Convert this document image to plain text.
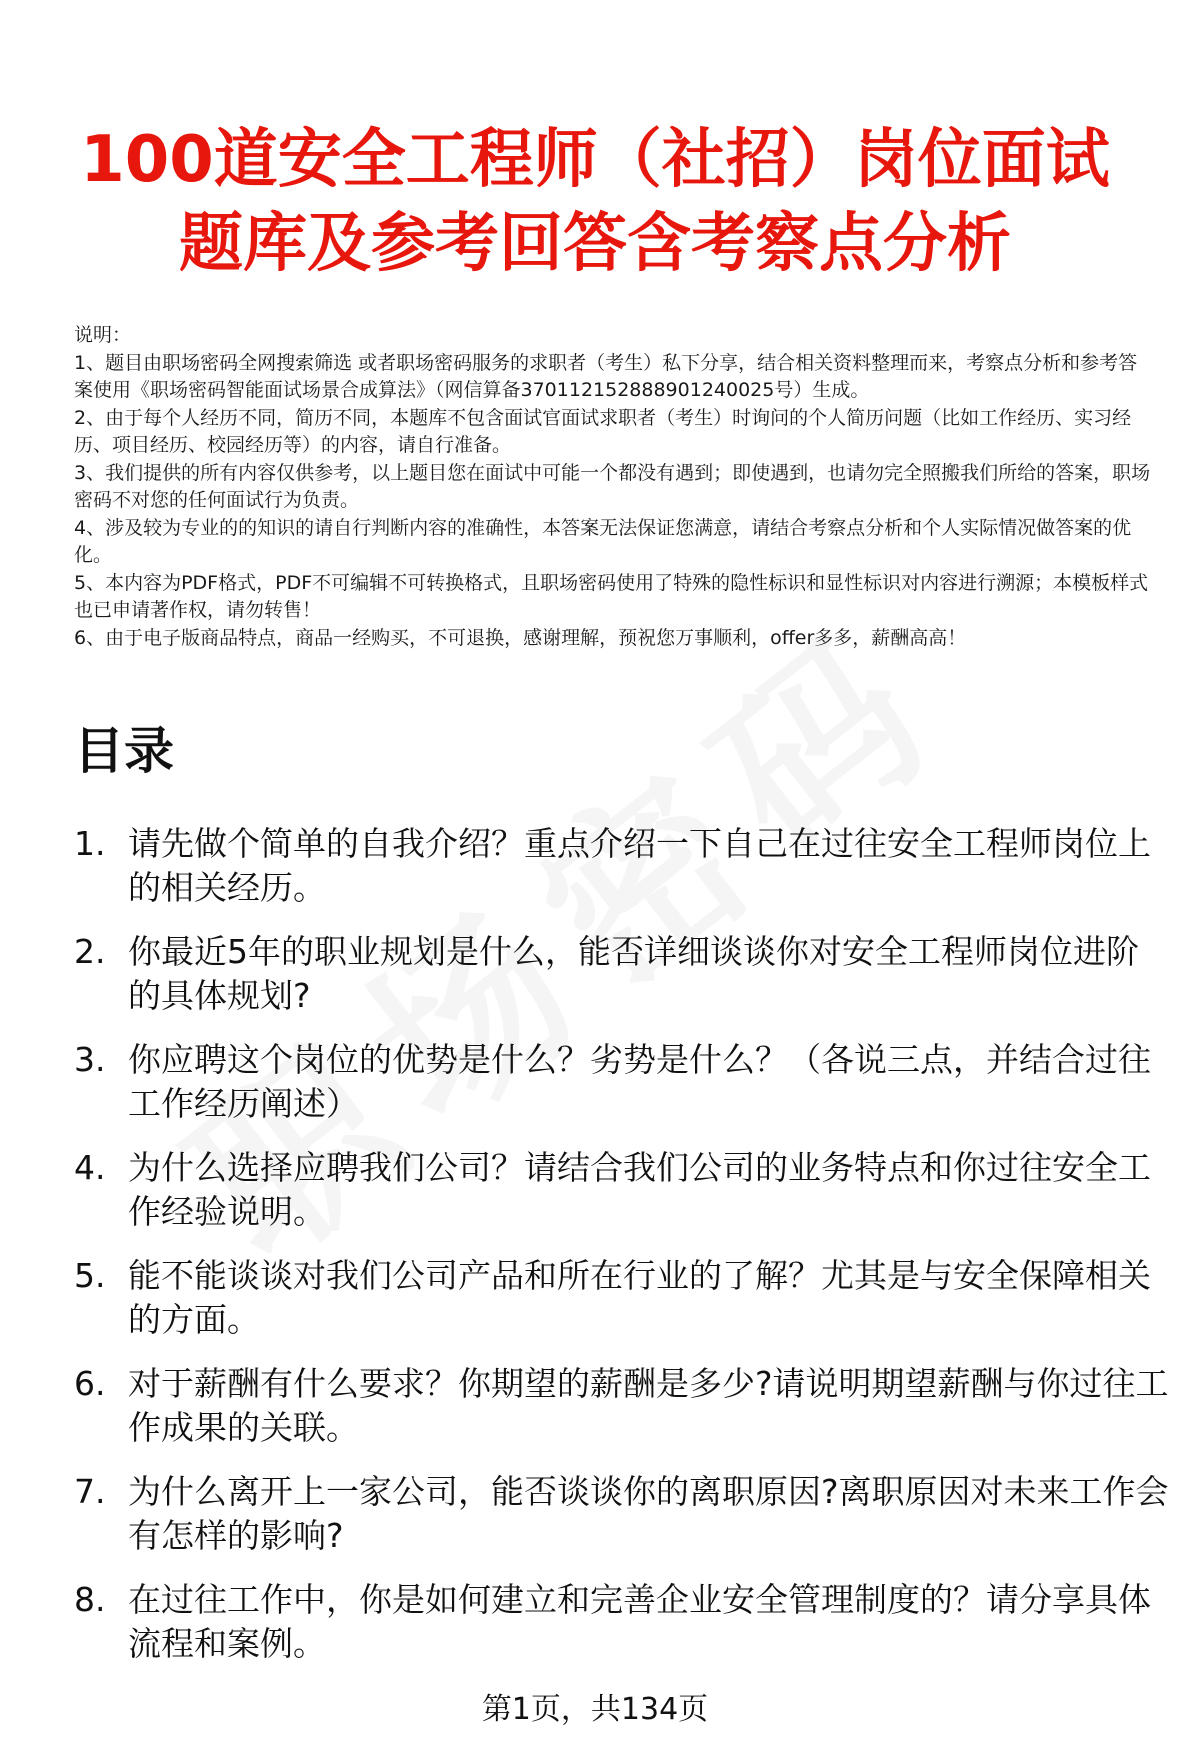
100道安全工程师（社招）岗位面试
题库及参考回答含考察点分析

说明：

1、题目由职场密码全网搜索筛选 或者职场密码服务的求职者（考生）私下分享，结合相关资料整理而来，考察点分析和参考答案使用《职场密码智能面试场景合成算法》（网信算备370112152888901240025号）生成。

2、由于每个人经历不同，简历不同，本题库不包含面试官面试求职者（考生）时询问的个人简历问题（比如工作经历、实习经历、项目经历、校园经历等）的内容，请自行准备。

3、我们提供的所有内容仅供参考，以上题目您在面试中可能一个都没有遇到；即使遇到，也请勿完全照搬我们所给的答案，职场密码不对您的任何面试行为负责。

4、涉及较为专业的的知识的请自行判断内容的准确性，本答案无法保证您满意，请结合考察点分析和个人实际情况做答案的优化。

5、本内容为PDF格式，PDF不可编辑不可转换格式，且职场密码使用了特殊的隐性标识和显性标识对内容进行溯源；本模板样式也已申请著作权，请勿转售！

6、由于电子版商品特点，商品一经购买，不可退换，感谢理解，预祝您万事顺利，offer多多，薪酬高高！

目录
1. 请先做个简单的自我介绍？重点介绍一下自己在过往安全工程师岗位上的相关经历。
2. 你最近5年的职业规划是什么，能否详细谈谈你对安全工程师岗位进阶的具体规划?
3. 你应聘这个岗位的优势是什么？劣势是什么？（各说三点，并结合过往工作经历阐述）
4. 为什么选择应聘我们公司？请结合我们公司的业务特点和你过往安全工作经验说明。
5. 能不能谈谈对我们公司产品和所在行业的了解？尤其是与安全保障相关的方面。
6. 对于薪酬有什么要求？你期望的薪酬是多少?请说明期望薪酬与你过往工作成果的关联。
7. 为什么离开上一家公司，能否谈谈你的离职原因?离职原因对未来工作会有怎样的影响?
8. 在过往工作中，你是如何建立和完善企业安全管理制度的？请分享具体流程和案例。
第1页，共134页
